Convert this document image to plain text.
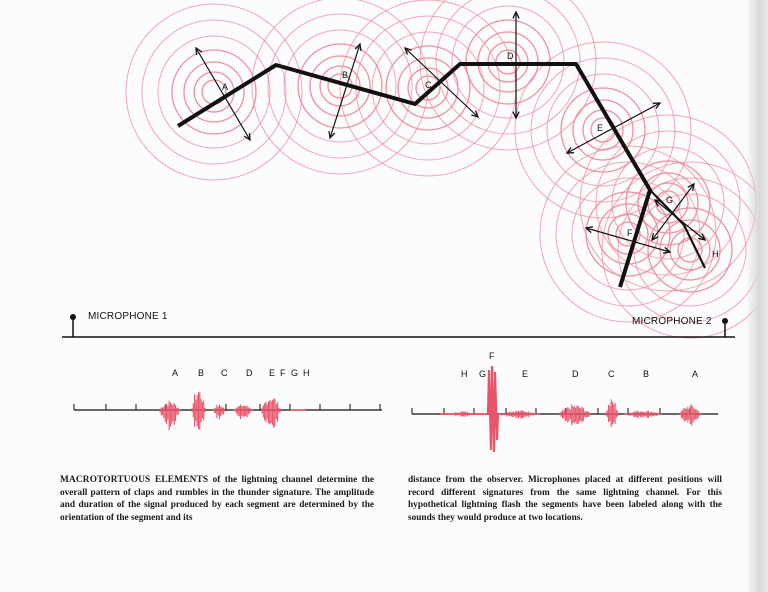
A
B
C
D
E
F
G
H
MICROPHONE 1	MICROPHONE 2
A B C D E F G H
F
H G	E	D	C	B	A
MACROTORTUOUS ELEMENTS of the lightning channel determine the overall pattern of claps and rumbles in the thunder signature. The amplitude and duration of the signal produced by each segment are determined by the orientation of the segment and its
distance from the observer. Microphones placed at different positions will record different signatures from the same lightning channel. For this hypothetical lightning flash the segments have been labeled along with the sounds they would produce at two locations.
